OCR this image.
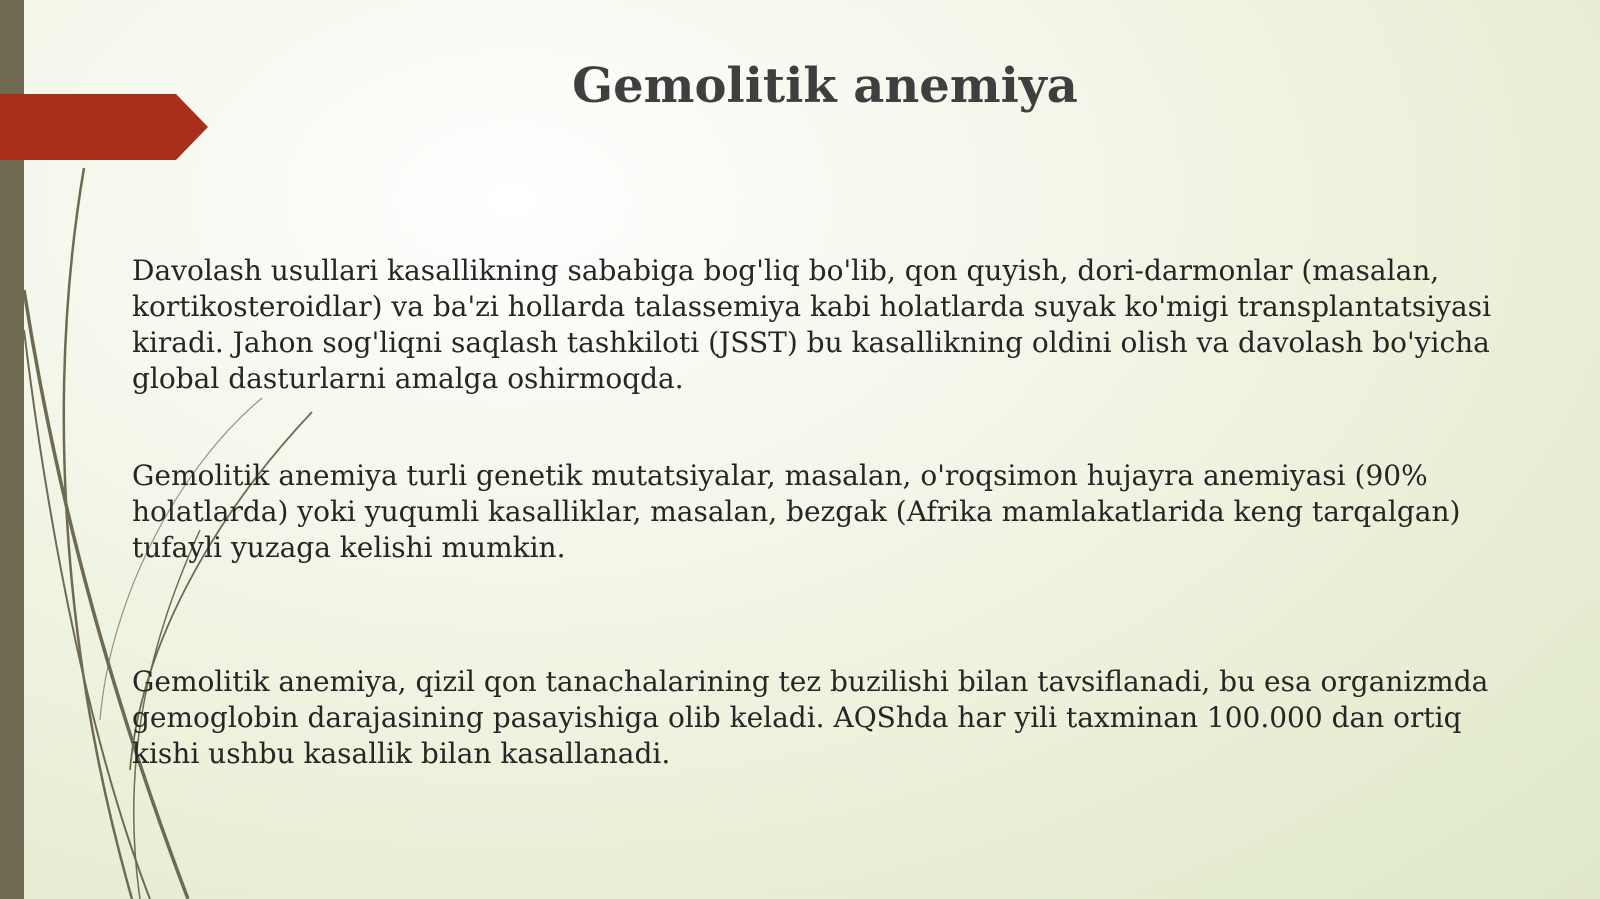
Gemolitik anemiya

Davolash usullari kasallikning sababiga bog'liq bo'lib, qon quyish, dori-darmonlar (masalan, kortikosteroidlar) va ba'zi hollarda talassemiya kabi holatlarda suyak ko'migi transplantatsiyasi kiradi. Jahon sog'liqni saqlash tashkiloti (JSST) bu kasallikning oldini olish va davolash bo'yicha global dasturlarni amalga oshirmoqda.

Gemolitik anemiya turli genetik mutatsiyalar, masalan, o'roqsimon hujayra anemiyasi (90% holatlarda) yoki yuqumli kasalliklar, masalan, bezgak (Afrika mamlakatlarida keng tarqalgan) tufayli yuzaga kelishi mumkin.

Gemolitik anemiya, qizil qon tanachalarining tez buzilishi bilan tavsiflanadi, bu esa organizmda gemoglobin darajasining pasayishiga olib keladi. AQShda har yili taxminan 100.000 dan ortiq kishi ushbu kasallik bilan kasallanadi.
